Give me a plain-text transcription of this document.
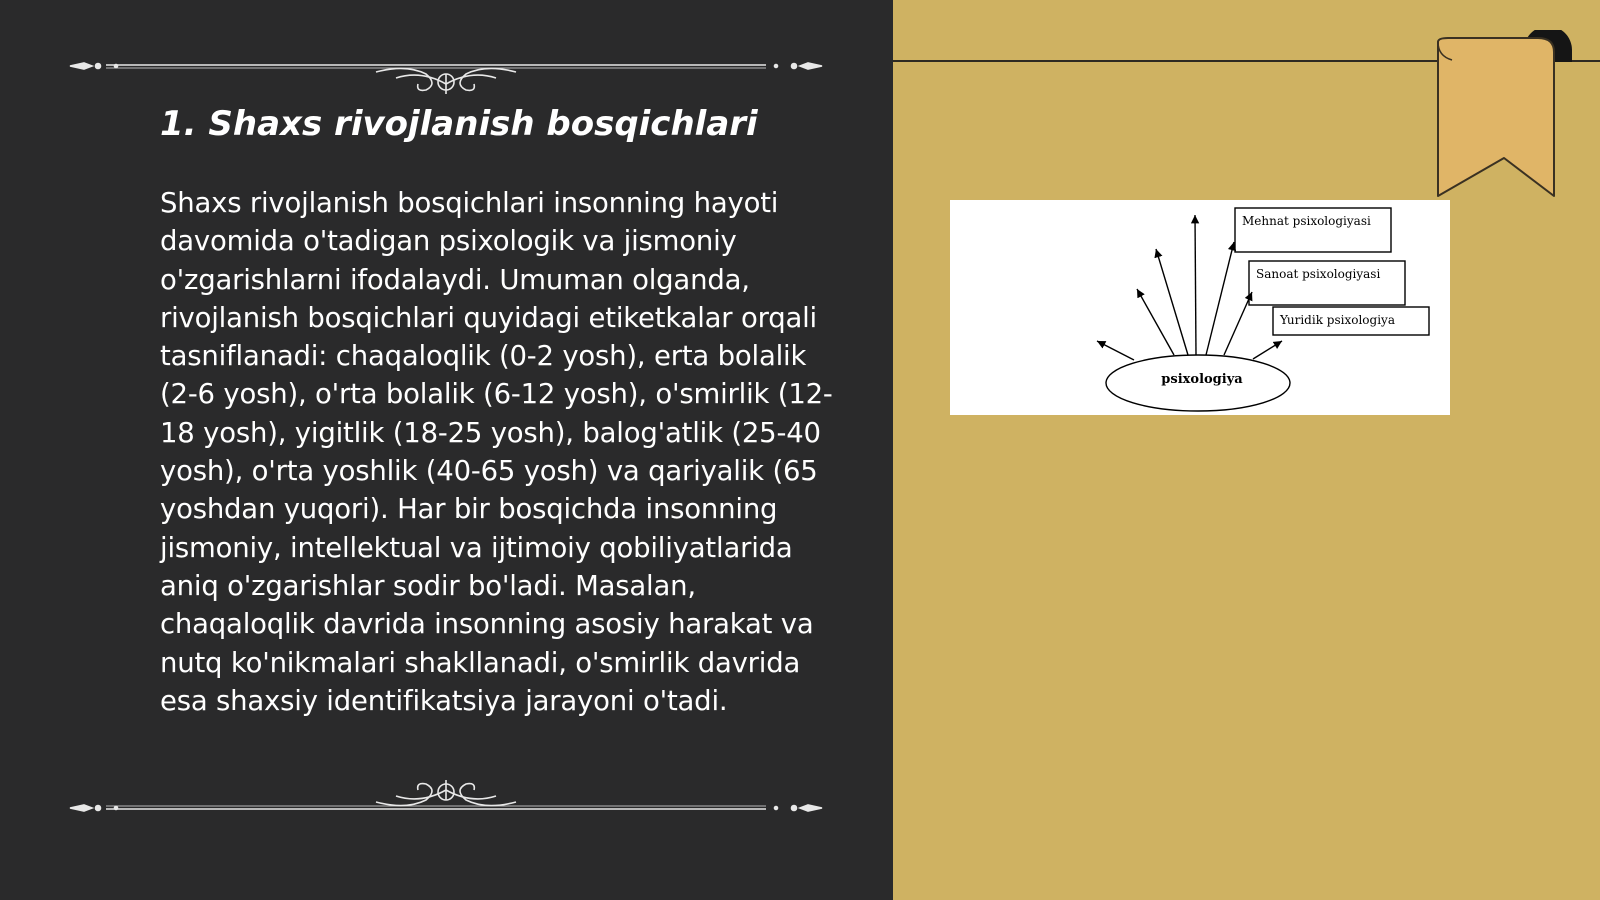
1. Shaxs rivojlanish bosqichlari

Shaxs rivojlanish bosqichlari insonning hayoti davomida o'tadigan psixologik va jismoniy o'zgarishlarni ifodalaydi. Umuman olganda, rivojlanish bosqichlari quyidagi etiketkalar orqali tasniflanadi: chaqaloqlik (0-2 yosh), erta bolalik (2-6 yosh), o'rta bolalik (6-12 yosh), o'smirlik (12-18 yosh), yigitlik (18-25 yosh), balog'atlik (25-40 yosh), o'rta yoshlik (40-65 yosh) va qariyalik (65 yoshdan yuqori). Har bir bosqichda insonning jismoniy, intellektual va ijtimoiy qobiliyatlarida aniq o'zgarishlar sodir bo'ladi. Masalan, chaqaloqlik davrida insonning asosiy harakat va nutq ko'nikmalari shakllanadi, o'smirlik davrida esa shaxsiy identifikatsiya jarayoni o'tadi.

Mehnat psixologiyasi
Sanoat psixologiyasi
Yuridik psixologiya
psixologiya
